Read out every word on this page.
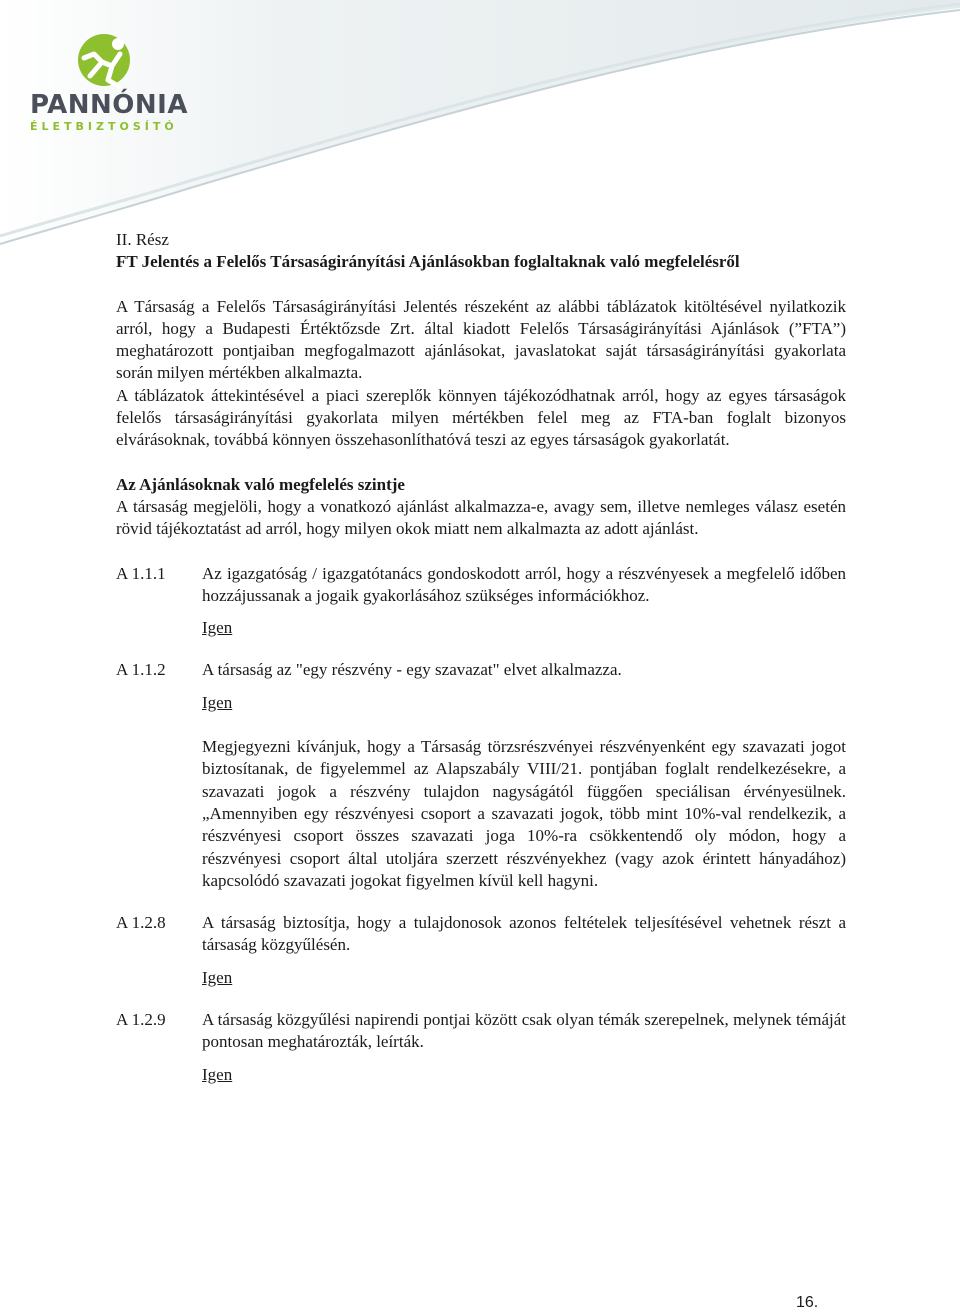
PANNÓNIA
ÉLETBIZTOSÍTÓ

II. Rész

FT Jelentés a Felelős Társaságirányítási Ajánlásokban foglaltaknak való megfelelésről

A Társaság a Felelős Társaságirányítási Jelentés részeként az alábbi táblázatok kitöltésével nyilatkozik arról, hogy a Budapesti Értéktőzsde Zrt. által kiadott Felelős Társaságirányítási Ajánlások (”FTA”) meghatározott pontjaiban megfogalmazott ajánlásokat, javaslatokat saját társaságirányítási gyakorlata során milyen mértékben alkalmazta.

A táblázatok áttekintésével a piaci szereplők könnyen tájékozódhatnak arról, hogy az egyes társaságok felelős társaságirányítási gyakorlata milyen mértékben felel meg az FTA-ban foglalt bizonyos elvárásoknak, továbbá könnyen összehasonlíthatóvá teszi az egyes társaságok gyakorlatát.

Az Ajánlásoknak való megfelelés szintje

A társaság megjelöli, hogy a vonatkozó ajánlást alkalmazza-e, avagy sem, illetve nemleges válasz esetén rövid tájékoztatást ad arról, hogy milyen okok miatt nem alkalmazta az adott ajánlást.

A 1.1.1	Az igazgatóság / igazgatótanács gondoskodott arról, hogy a részvényesek a megfelelő időben hozzájussanak a jogaik gyakorlásához szükséges információkhoz.

Igen
A 1.1.2	A társaság az "egy részvény - egy szavazat" elvet alkalmazza.

Igen

Megjegyezni kívánjuk, hogy a Társaság törzsrészvényei részvényenként egy szavazati jogot biztosítanak, de figyelemmel az Alapszabály VIII/21. pontjában foglalt rendelkezésekre, a szavazati jogok a részvény tulajdon nagyságától függően speciálisan érvényesülnek. „Amennyiben egy részvényesi csoport a szavazati jogok, több mint 10%-val rendelkezik, a részvényesi csoport összes szavazati joga 10%-ra csökkentendő oly módon, hogy a részvényesi csoport által utoljára szerzett részvényekhez (vagy azok érintett hányadához) kapcsolódó szavazati jogokat figyelmen kívül kell hagyni.

A 1.2.8	A társaság biztosítja, hogy a tulajdonosok azonos feltételek teljesítésével vehetnek részt a társaság közgyűlésén.

Igen
A 1.2.9	A társaság közgyűlési napirendi pontjai között csak olyan témák szerepelnek, melynek témáját pontosan meghatározták, leírták.

Igen
16.
